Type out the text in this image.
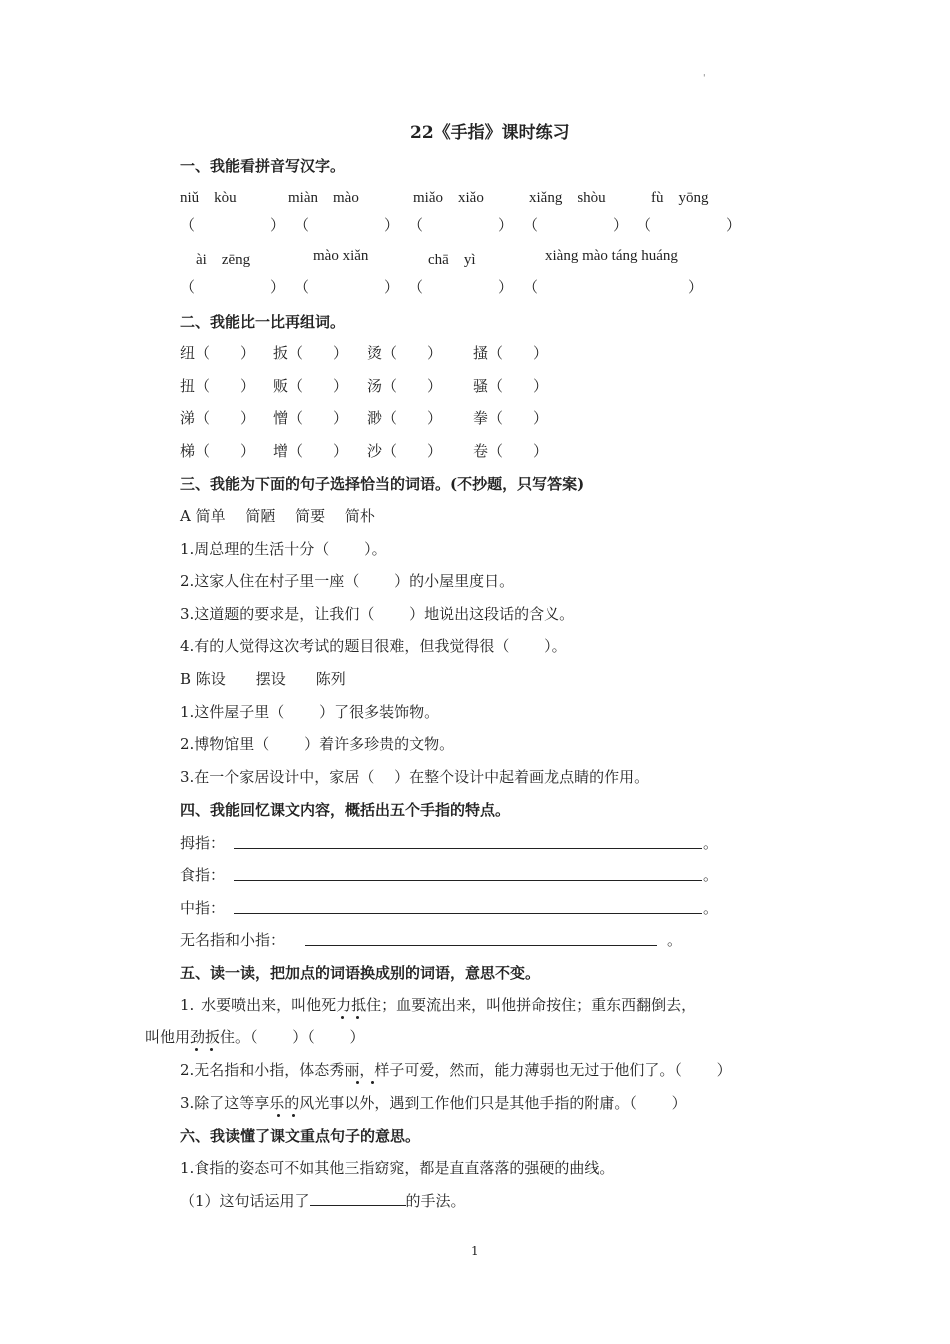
'
22《手指》课时练习
一、我能看拼音写汉字。
niǔ　kòu	miàn　mào	miǎo　xiǎo	xiǎng　shòu	fù　yōng
（　　　　　） （　　　　　） （　　　　　） （　　　　　） （　　　　　）
ài　zēng	mào xiǎn	chā　yì	xiàng mào táng huáng
（　　　　　） （　　　　　） （　　　　　） （　　　　　　　　　　）
二、我能比一比再组词。
纽（　　） 扳（　　） 烫（　　） 搔（　　）
扭（　　） 贩（　　） 汤（　　） 骚（　　）
涕（　　） 憎（　　） 渺（　　） 拳（　　）
梯（　　） 增（　　） 沙（　　） 卷（　　）
三、我能为下面的句子选择恰当的词语。(不抄题，只写答案)
A 简单　 简陋　 简要　 简朴
1.周总理的生活十分（　　 ）。
2.这家人住在村子里一座（　　 ）的小屋里度日。
3.这道题的要求是，让我们（　　 ）地说出这段话的含义。
4.有的人觉得这次考试的题目很难，但我觉得很（　　 ）。
B 陈设　　摆设　　陈列
1.这件屋子里（　　 ）了很多装饰物。
2.博物馆里（　　 ）着许多珍贵的文物。
3.在一个家居设计中，家居（　 ）在整个设计中起着画龙点睛的作用。
四、我能回忆课文内容，概括出五个手指的特点。
拇指：	。
食指：	。
中指：	。
无名指和小指：	。
五、读一读，把加点的词语换成别的词语，意思不变。
1. 水要喷出来，叫他死力抵住；血要流出来，叫他拼命按住；重东西翻倒去，
叫他用劲扳住。（　　 ）（　　 ）
2.无名指和小指，体态秀丽，样子可爱，然而，能力薄弱也无过于他们了。（　　 ）
3.除了这等享乐的风光事以外，遇到工作他们只是其他手指的附庸。（　　 ）
六、我读懂了课文重点句子的意思。
1.食指的姿态可不如其他三指窈窕，都是直直落落的强硬的曲线。
（1）这句话运用了	的手法。
1
